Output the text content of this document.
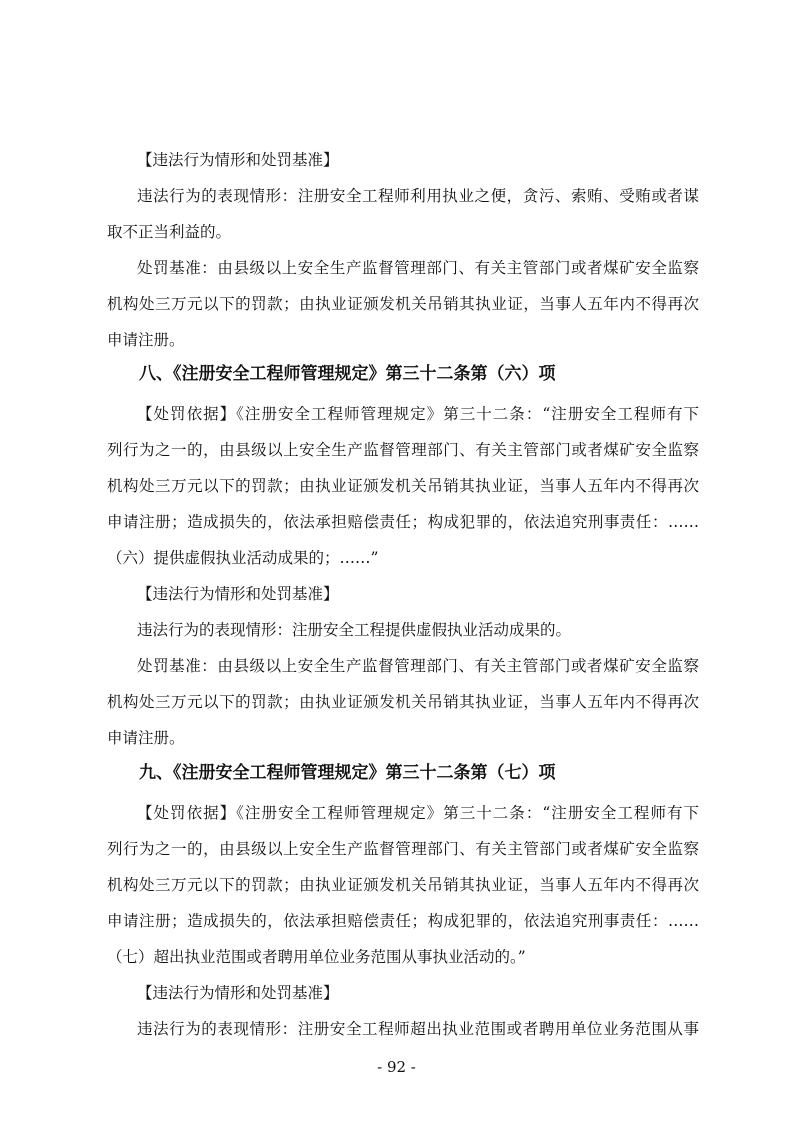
【违法行为情形和处罚基准】
违法行为的表现情形：注册安全工程师利用执业之便，贪污、索贿、受贿或者谋
取不正当利益的。
处罚基准：由县级以上安全生产监督管理部门、有关主管部门或者煤矿安全监察
机构处三万元以下的罚款；由执业证颁发机关吊销其执业证，当事人五年内不得再次
申请注册。
八、《注册安全工程师管理规定》第三十二条第（六）项
【处罚依据】《注册安全工程师管理规定》第三十二条：“注册安全工程师有下
列行为之一的，由县级以上安全生产监督管理部门、有关主管部门或者煤矿安全监察
机构处三万元以下的罚款；由执业证颁发机关吊销其执业证，当事人五年内不得再次
申请注册；造成损失的，依法承担赔偿责任；构成犯罪的，依法追究刑事责任：……
（六）提供虚假执业活动成果的；……”
【违法行为情形和处罚基准】
违法行为的表现情形：注册安全工程提供虚假执业活动成果的。
处罚基准：由县级以上安全生产监督管理部门、有关主管部门或者煤矿安全监察
机构处三万元以下的罚款；由执业证颁发机关吊销其执业证，当事人五年内不得再次
申请注册。
九、《注册安全工程师管理规定》第三十二条第（七）项
【处罚依据】《注册安全工程师管理规定》第三十二条：“注册安全工程师有下
列行为之一的，由县级以上安全生产监督管理部门、有关主管部门或者煤矿安全监察
机构处三万元以下的罚款；由执业证颁发机关吊销其执业证，当事人五年内不得再次
申请注册；造成损失的，依法承担赔偿责任；构成犯罪的，依法追究刑事责任：……
（七）超出执业范围或者聘用单位业务范围从事执业活动的。”
【违法行为情形和处罚基准】
违法行为的表现情形：注册安全工程师超出执业范围或者聘用单位业务范围从事
- 92 -
